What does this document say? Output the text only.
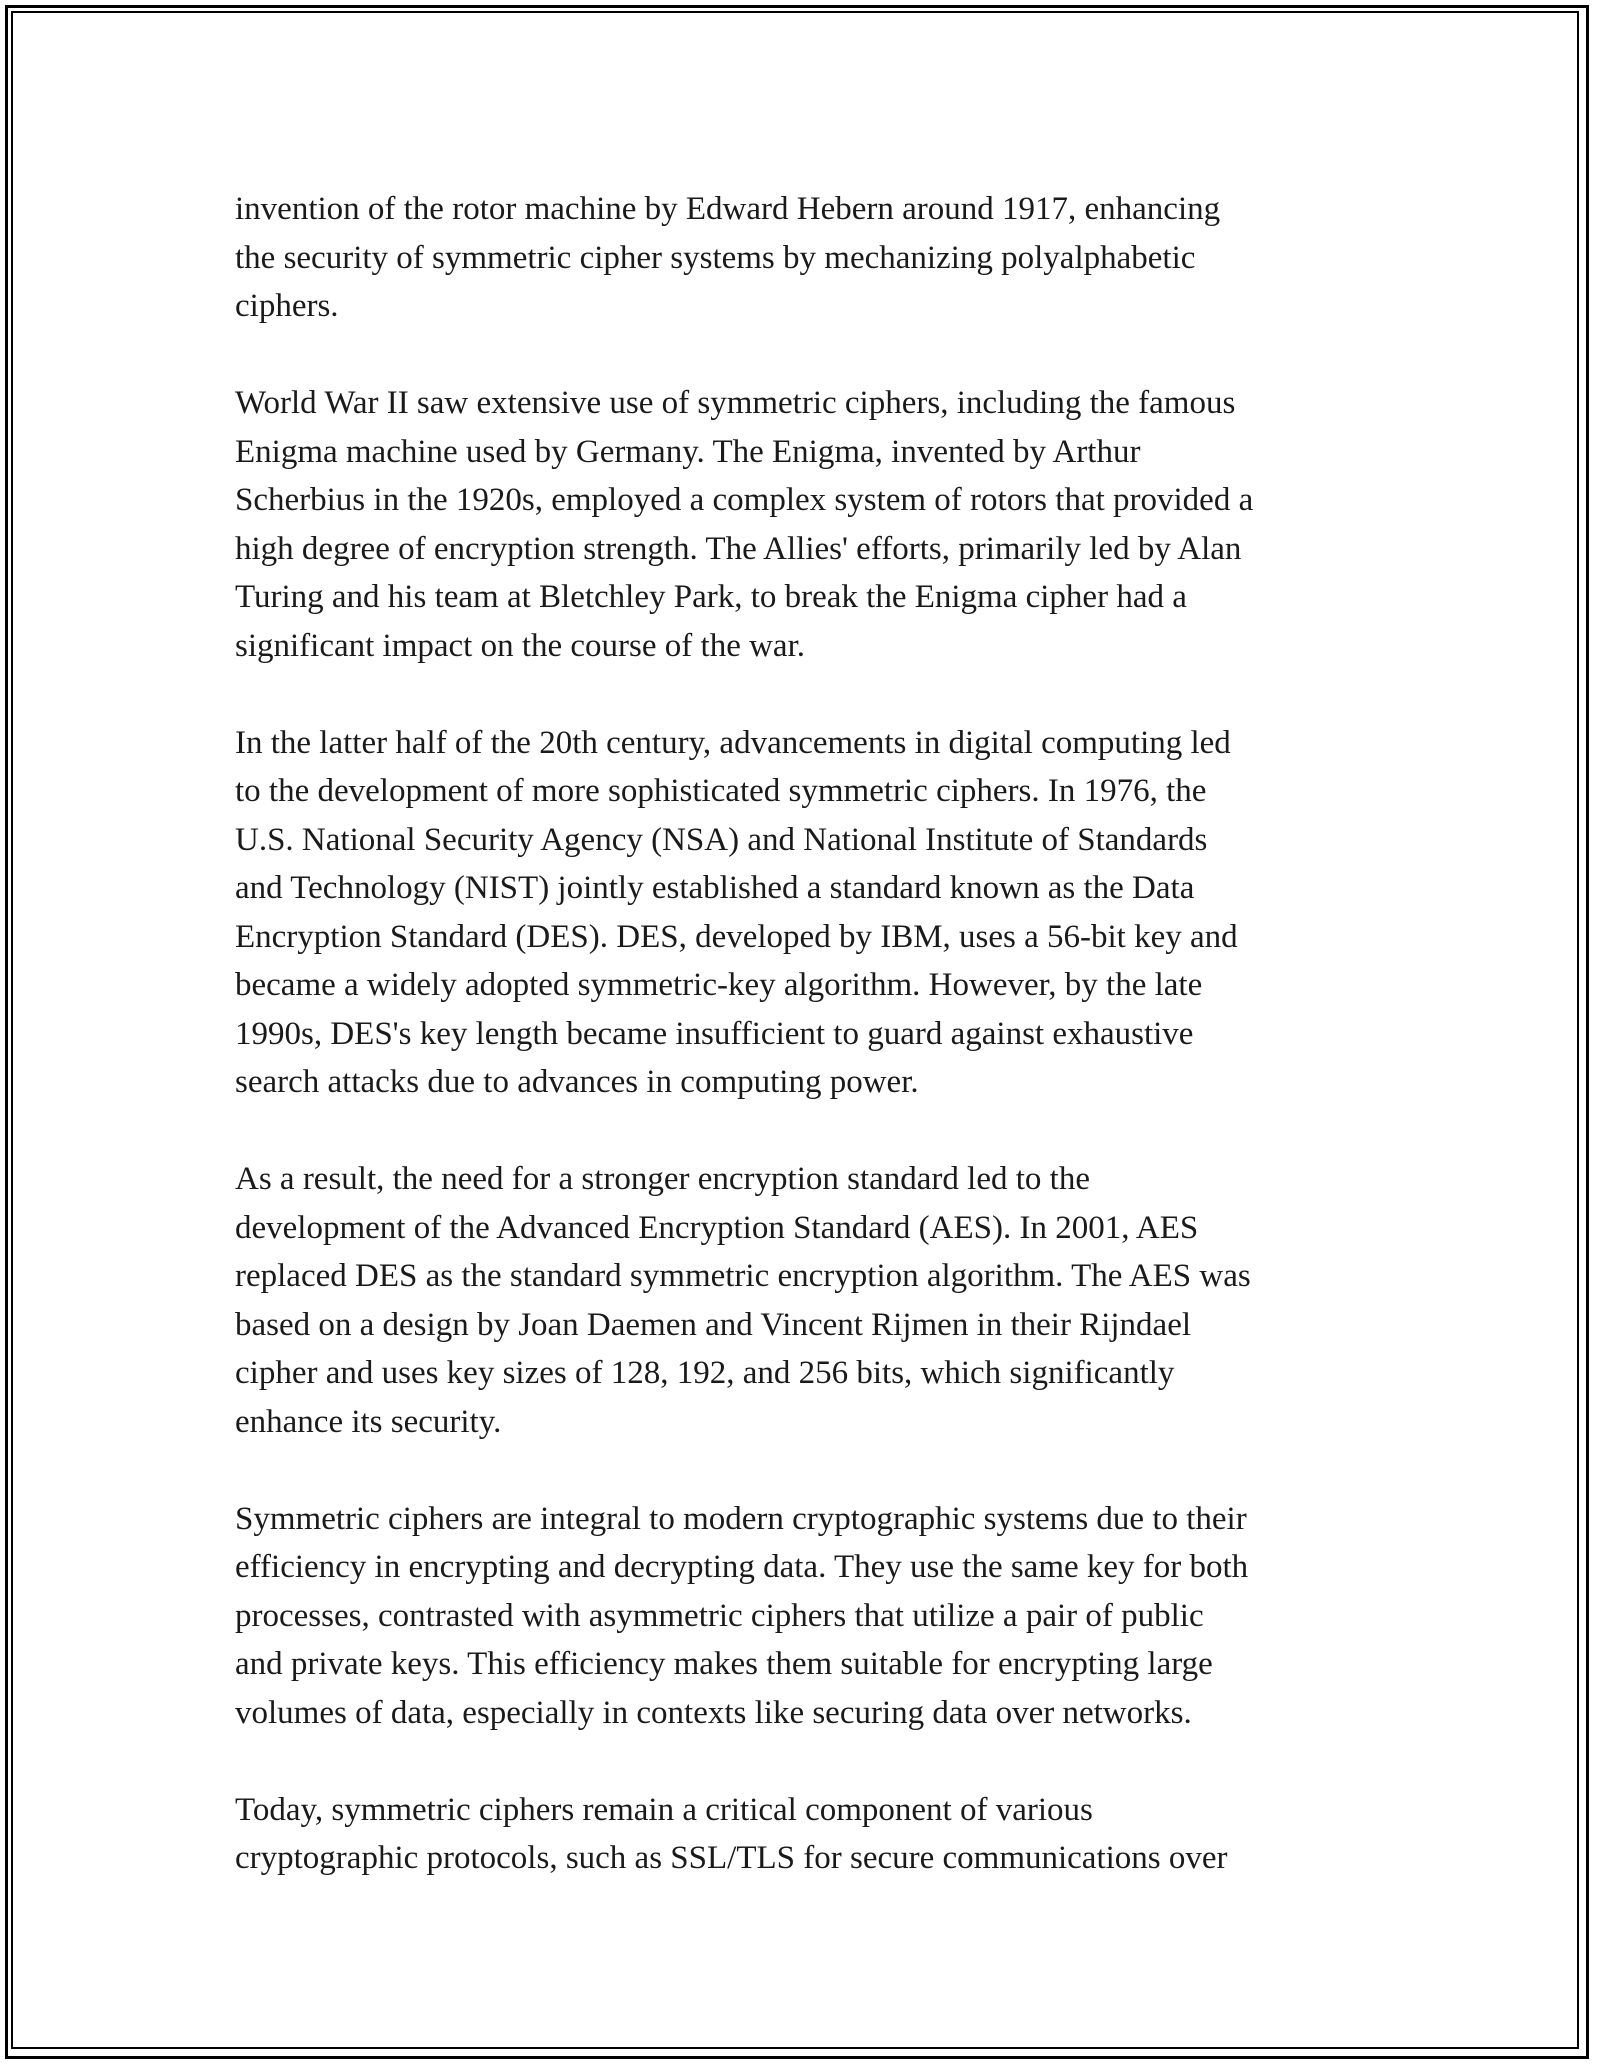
invention of the rotor machine by Edward Hebern around 1917, enhancing
the security of symmetric cipher systems by mechanizing polyalphabetic
ciphers.

World War II saw extensive use of symmetric ciphers, including the famous
Enigma machine used by Germany. The Enigma, invented by Arthur
Scherbius in the 1920s, employed a complex system of rotors that provided a
high degree of encryption strength. The Allies' efforts, primarily led by Alan
Turing and his team at Bletchley Park, to break the Enigma cipher had a
significant impact on the course of the war.

In the latter half of the 20th century, advancements in digital computing led
to the development of more sophisticated symmetric ciphers. In 1976, the
U.S. National Security Agency (NSA) and National Institute of Standards
and Technology (NIST) jointly established a standard known as the Data
Encryption Standard (DES). DES, developed by IBM, uses a 56-bit key and
became a widely adopted symmetric-key algorithm. However, by the late
1990s, DES's key length became insufficient to guard against exhaustive
search attacks due to advances in computing power.

As a result, the need for a stronger encryption standard led to the
development of the Advanced Encryption Standard (AES). In 2001, AES
replaced DES as the standard symmetric encryption algorithm. The AES was
based on a design by Joan Daemen and Vincent Rijmen in their Rijndael
cipher and uses key sizes of 128, 192, and 256 bits, which significantly
enhance its security.

Symmetric ciphers are integral to modern cryptographic systems due to their
efficiency in encrypting and decrypting data. They use the same key for both
processes, contrasted with asymmetric ciphers that utilize a pair of public
and private keys. This efficiency makes them suitable for encrypting large
volumes of data, especially in contexts like securing data over networks.

Today, symmetric ciphers remain a critical component of various
cryptographic protocols, such as SSL/TLS for secure communications over
